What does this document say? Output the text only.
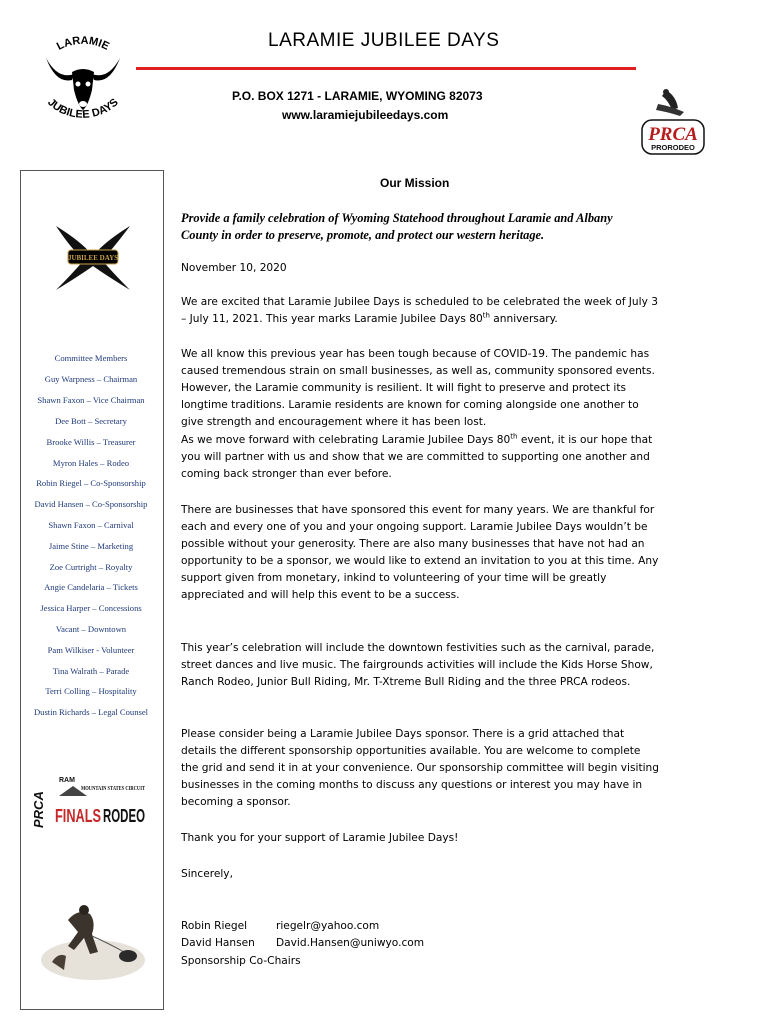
LARAMIE JUBILEE DAYS
P.O. BOX 1271 - LARAMIE, WYOMING 82073
www.laramiejubileedays.com
LARAMIE
JUBILEE DAYS
PRCA
PRORODEO
JUBILEE DAYS
Committee Members
Guy Warpness – Chairman
Shawn Faxon – Vice Chairman
Dee Bott – Secretary
Brooke Willis – Treasurer
Myron Hales – Rodeo
Robin Riegel – Co-Sponsorship
David Hansen – Co-Sponsorship
Shawn Faxon – Carnival
Jaime Stine – Marketing
Zoe Curtright – Royalty
Angie Candelaria – Tickets
Jessica Harper – Concessions
Vacant – Downtown
Pam Wilkiser - Volunteer
Tina Walrath – Parade
Terri Colling – Hospitality
Dustin Richards – Legal Counsel
PRCA
RAM
MOUNTAIN STATES CIRCUIT
FINALS RODEO
Our Mission
Provide a family celebration of Wyoming Statehood throughout Laramie and Albany County in order to preserve, promote, and protect our western heritage.

November 10, 2020

We are excited that Laramie Jubilee Days is scheduled to be celebrated the week of July 3 – July 11, 2021. This year marks Laramie Jubilee Days 80th anniversary.

We all know this previous year has been tough because of COVID-19. The pandemic has caused tremendous strain on small businesses, as well as, community sponsored events. However, the Laramie community is resilient. It will fight to preserve and protect its longtime traditions. Laramie residents are known for coming alongside one another to give strength and encouragement where it has been lost.

As we move forward with celebrating Laramie Jubilee Days 80th event, it is our hope that you will partner with us and show that we are committed to supporting one another and coming back stronger than ever before.

There are businesses that have sponsored this event for many years. We are thankful for each and every one of you and your ongoing support. Laramie Jubilee Days wouldn’t be possible without your generosity. There are also many businesses that have not had an opportunity to be a sponsor, we would like to extend an invitation to you at this time. Any support given from monetary, inkind to volunteering of your time will be greatly appreciated and will help this event to be a success.

This year’s celebration will include the downtown festivities such as the carnival, parade, street dances and live music. The fairgrounds activities will include the Kids Horse Show, Ranch Rodeo, Junior Bull Riding, Mr. T-Xtreme Bull Riding and the three PRCA rodeos.

Please consider being a Laramie Jubilee Days sponsor. There is a grid attached that details the different sponsorship opportunities available. You are welcome to complete the grid and send it in at your convenience. Our sponsorship committee will begin visiting businesses in the coming months to discuss any questions or interest you may have in becoming a sponsor.

Thank you for your support of Laramie Jubilee Days!

Sincerely,

Robin Riegel	riegelr@yahoo.com
David Hansen David.Hansen@uniwyo.com
Sponsorship Co-Chairs
